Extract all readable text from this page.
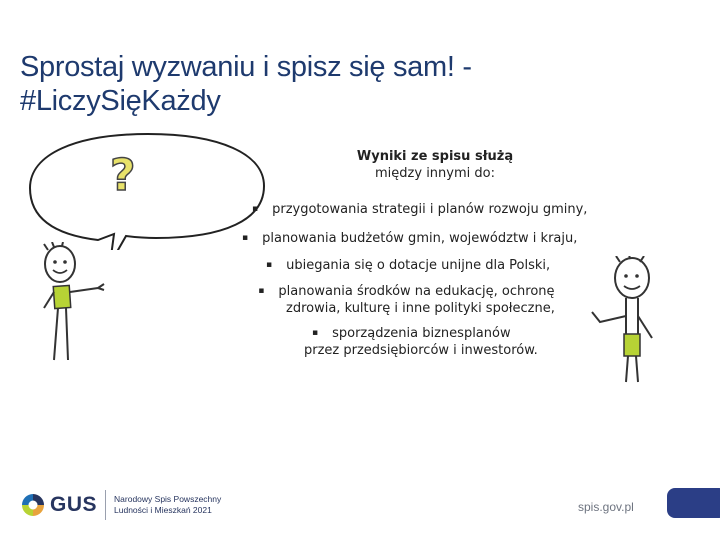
Sprostaj wyzwaniu i spisz się sam! -
#LiczySięKażdy
?	Wyniki ze spisu służą
między innymi do:
▪ przygotowania strategii i planów rozwoju gminy,
▪ planowania budżetów gmin, województw i kraju,
▪ ubiegania się o dotacje unijne dla Polski,
▪ planowania środków na edukację, ochronę
zdrowia, kulturę i inne polityki społeczne,
▪ sporządzenia biznesplanów
przez przedsiębiorców i inwestorów.
GUS Narodowy Spis Powszechny
Ludności i Mieszkań 2021	spis.gov.pl
